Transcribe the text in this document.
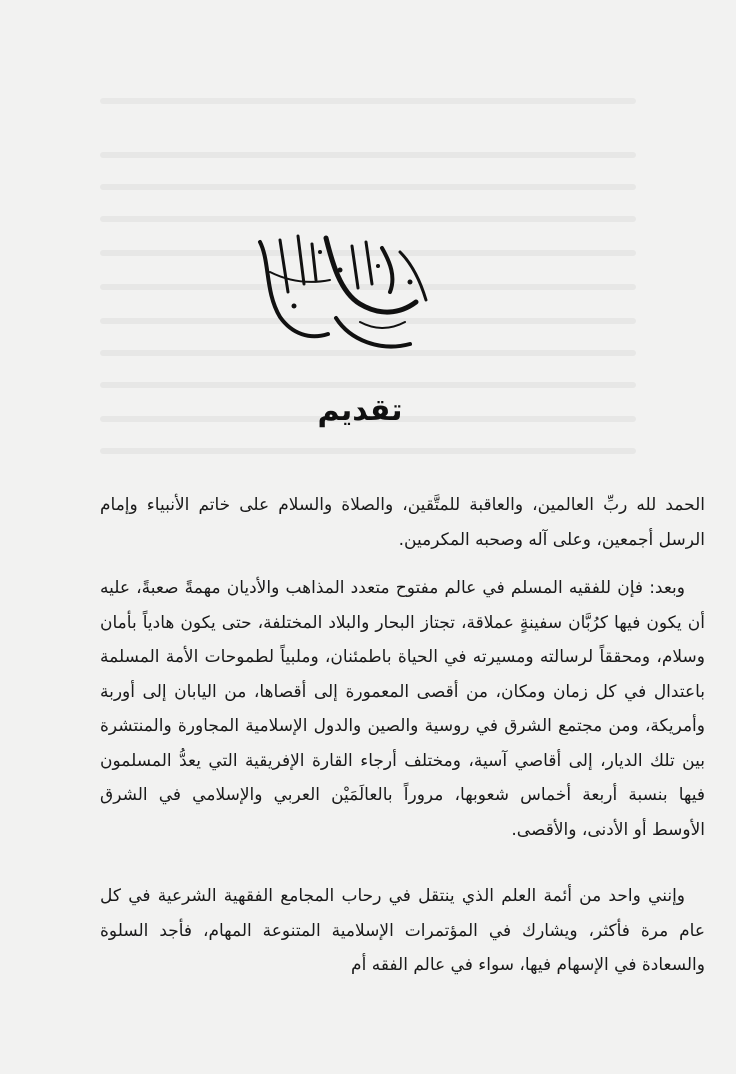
تقديم

الحمد لله ربِّ العالمين، والعاقبة للمتَّقين، والصلاة والسلام على خاتم الأنبياء وإمام الرسل أجمعين، وعلى آله وصحبه المكرمين.

وبعد: فإن للفقيه المسلم في عالم مفتوح متعدد المذاهب والأديان مهمةً صعبةً، عليه أن يكون فيها كرُبَّان سفينةٍ عملاقة، تجتاز البحار والبلاد المختلفة، حتى يكون هادياً بأمان وسلام، ومحققاً لرسالته ومسيرته في الحياة باطمئنان، وملبياً لطموحات الأمة المسلمة باعتدال في كل زمان ومكان، من أقصى المعمورة إلى أقصاها، من اليابان إلى أوربة وأمريكة، ومن مجتمع الشرق في روسية والصين والدول الإسلامية المجاورة والمنتشرة بين تلك الديار، إلى أقاصي آسية، ومختلف أرجاء القارة الإفريقية التي يعدُّ المسلمون فيها بنسبة أربعة أخماس شعوبها، مروراً بالعالَمَيْن العربي والإسلامي في الشرق الأوسط أو الأدنى، والأقصى.

وإنني واحد من أئمة العلم الذي ينتقل في رحاب المجامع الفقهية الشرعية في كل عام مرة فأكثر، ويشارك في المؤتمرات الإسلامية المتنوعة المهام، فأجد السلوة والسعادة في الإسهام فيها، سواء في عالم الفقه أم
